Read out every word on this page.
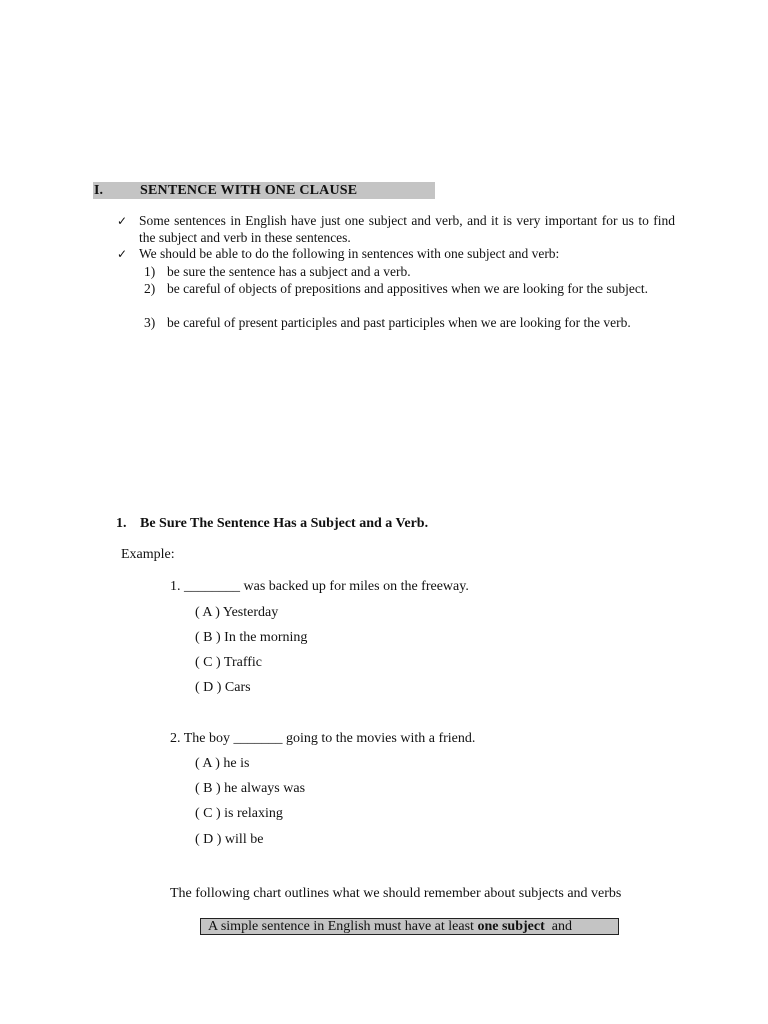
I.	SENTENCE WITH ONE CLAUSE
✓ Some sentences in English have just one subject and verb, and it is very important for us to find the subject and verb in these sentences.
✓ We should be able to do the following in sentences with one subject and verb:
1) be sure the sentence has a subject and a verb.
2) be careful of objects of prepositions and appositives when we are looking for the subject.
3) be careful of present participles and past participles when we are looking for the verb.
1. Be Sure The Sentence Has a Subject and a Verb.
Example:
1. ________ was backed up for miles on the freeway.
( A ) Yesterday
( B ) In the morning
( C ) Traffic
( D ) Cars
2. The boy _______ going to the movies with a friend.
( A ) he is
( B ) he always was
( C ) is relaxing
( D ) will be
The following chart outlines what we should remember about subjects and verbs
A simple sentence in English must have at least one subject  and
